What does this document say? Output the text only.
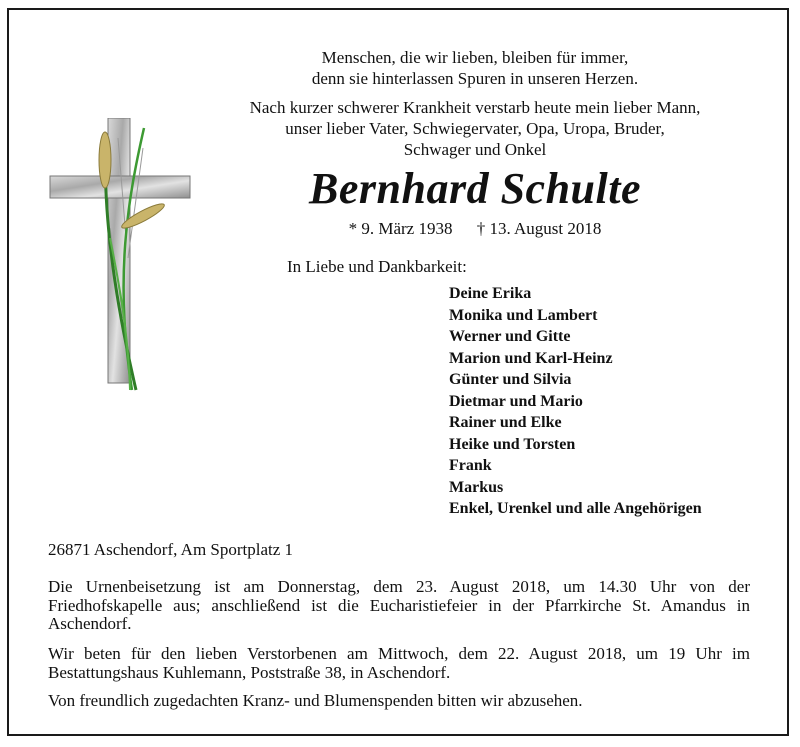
Menschen, die wir lieben, bleiben für immer,
denn sie hinterlassen Spuren in unseren Herzen.
Nach kurzer schwerer Krankheit verstarb heute mein lieber Mann,
unser lieber Vater, Schwiegervater, Opa, Uropa, Bruder,
Schwager und Onkel
Bernhard Schulte
* 9. März 1938 † 13. August 2018
In Liebe und Dankbarkeit:
Deine Erika
Monika und Lambert
Werner und Gitte
Marion und Karl-Heinz
Günter und Silvia
Dietmar und Mario
Rainer und Elke
Heike und Torsten
Frank
Markus
Enkel, Urenkel und alle Angehörigen
26871 Aschendorf, Am Sportplatz 1
Die Urnenbeisetzung ist am Donnerstag, dem 23. August 2018, um 14.30 Uhr von der Friedhofskapelle aus; anschließend ist die Eucharistiefeier in der Pfarrkirche St. Amandus in Aschendorf.
Wir beten für den lieben Verstorbenen am Mittwoch, dem 22. August 2018, um 19 Uhr im Bestattungshaus Kuhlemann, Poststraße 38, in Aschendorf.
Von freundlich zugedachten Kranz- und Blumenspenden bitten wir abzusehen.
